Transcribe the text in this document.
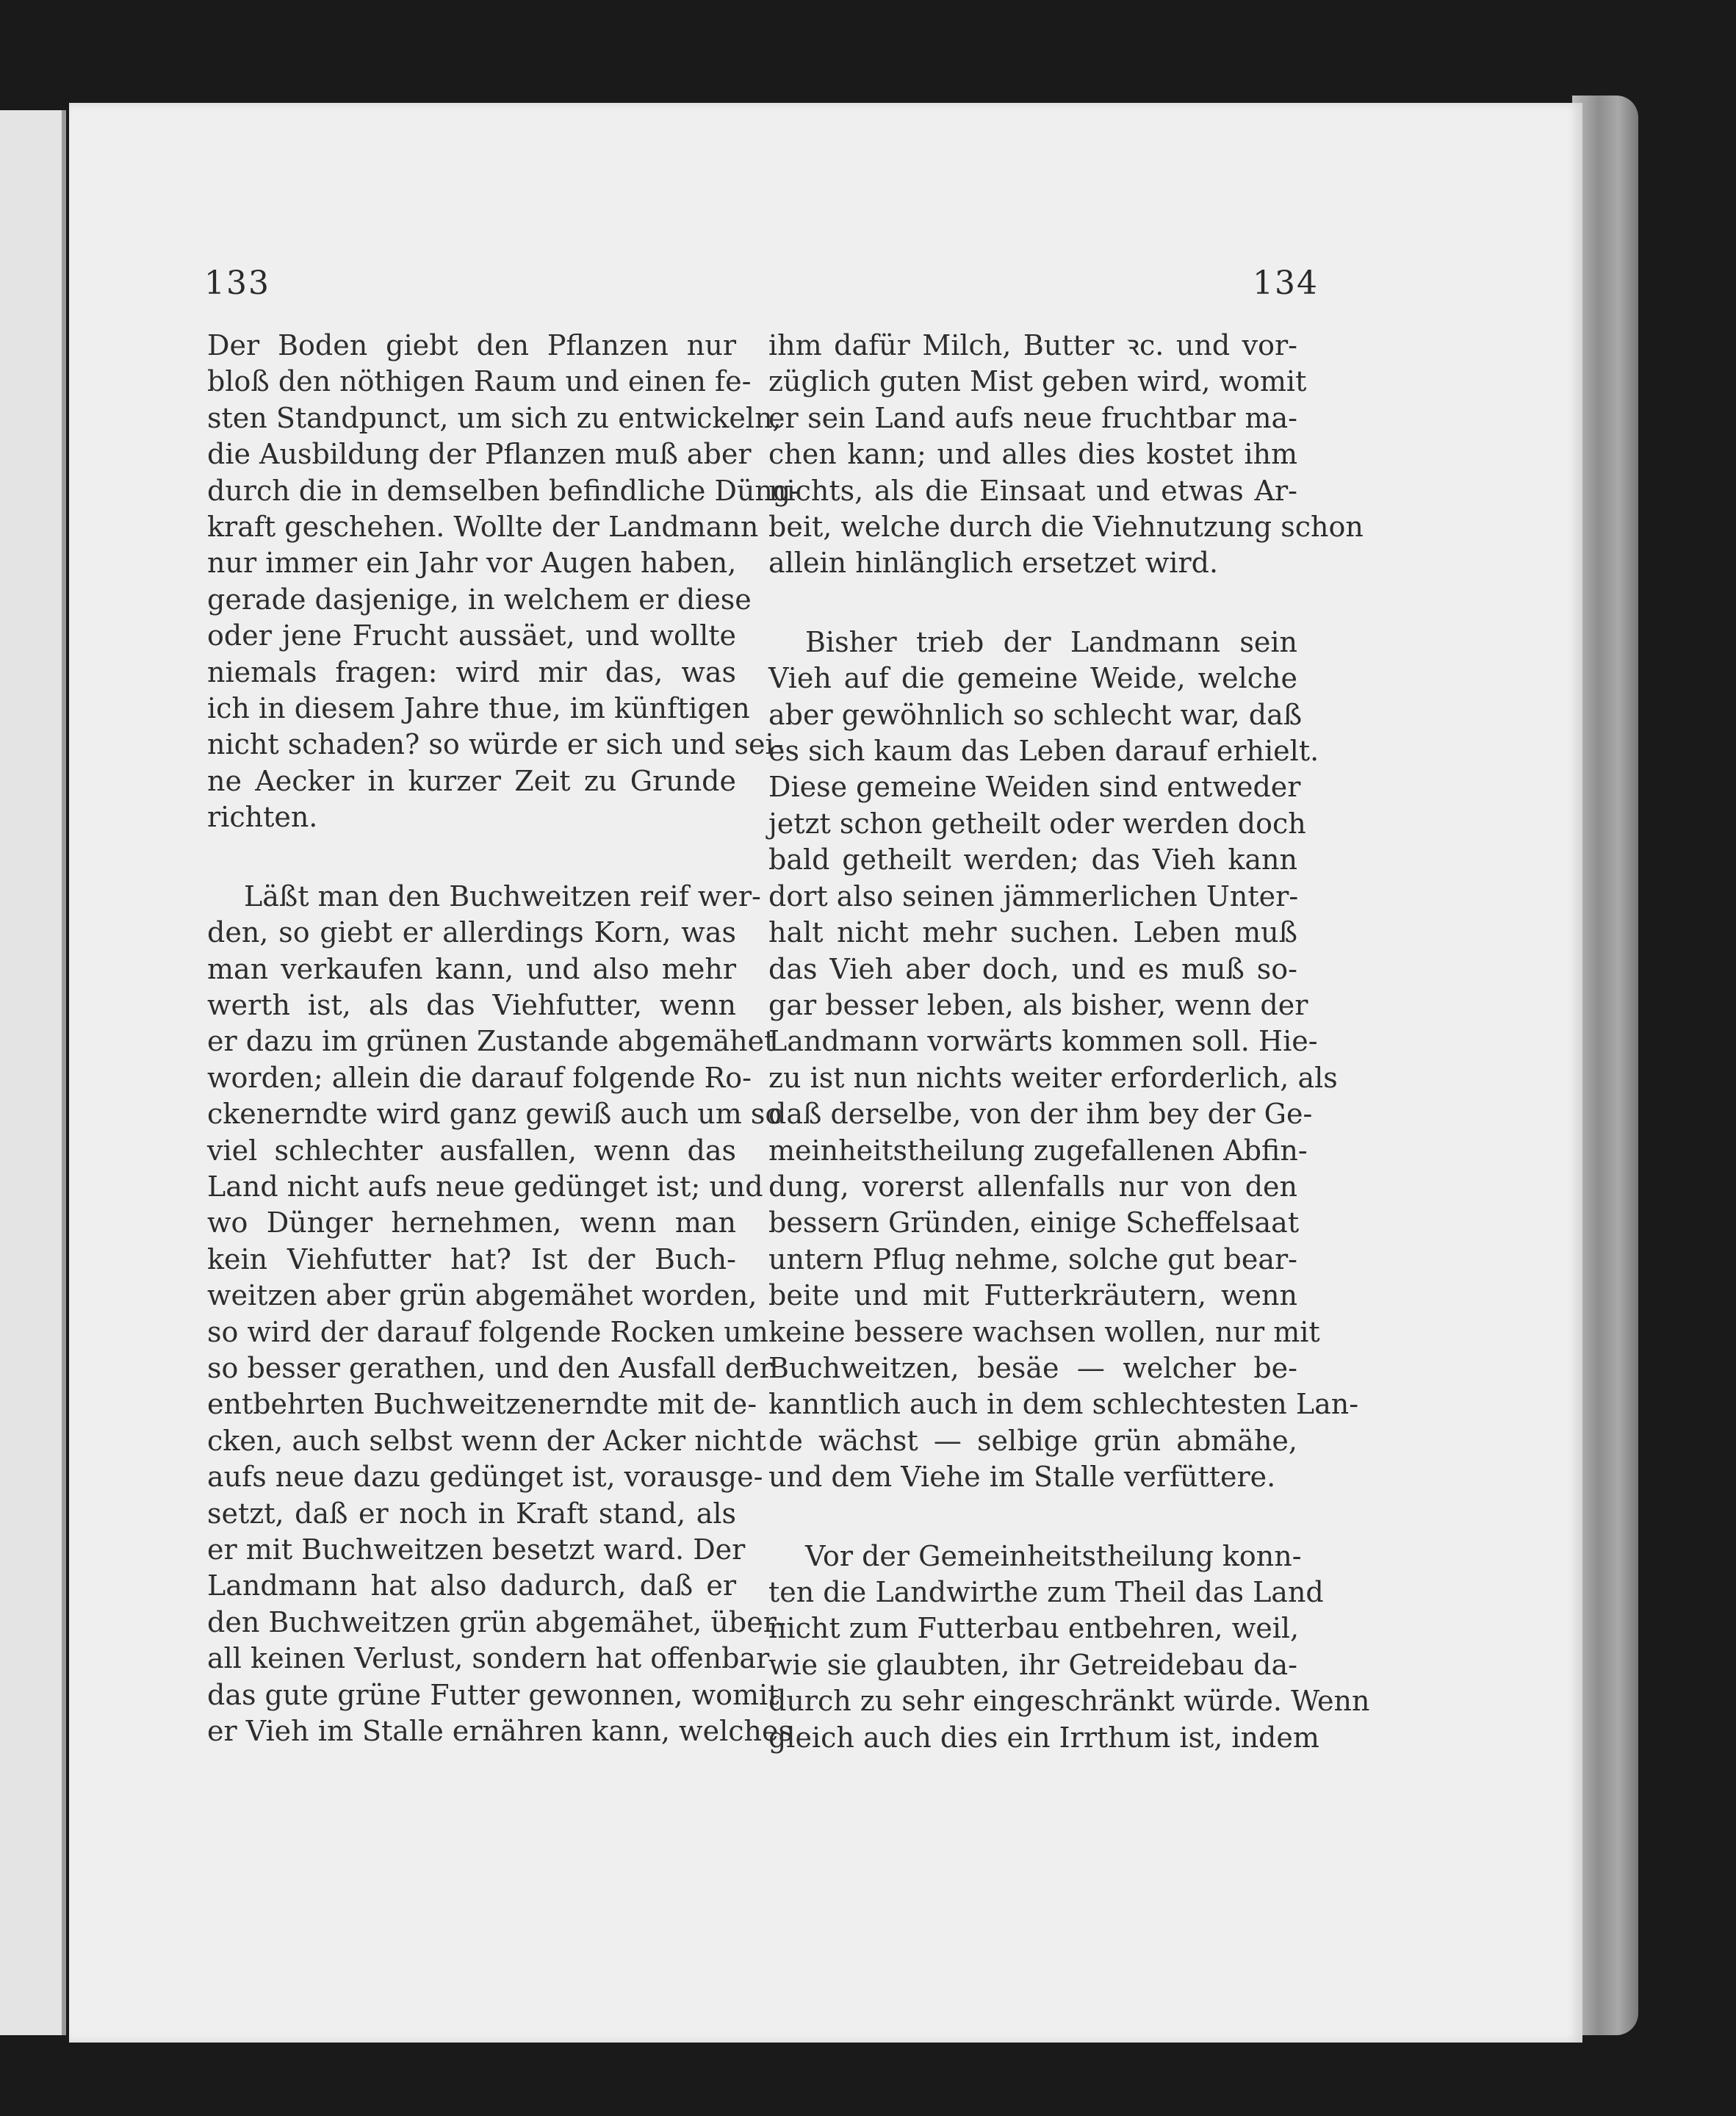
133	134
Der Boden giebt den Pflanzen nur
bloß den nöthigen Raum und einen fe-
sten Standpunct, um sich zu entwickeln,
die Ausbildung der Pflanzen muß aber
durch die in demselben befindliche Düng-
kraft geschehen. Wollte der Landmann
nur immer ein Jahr vor Augen haben,
gerade dasjenige, in welchem er diese
oder jene Frucht aussäet, und wollte
niemals fragen: wird mir das, was
ich in diesem Jahre thue, im künftigen
nicht schaden? so würde er sich und sei-
ne Aecker in kurzer Zeit zu Grunde
richten.
Läßt man den Buchweitzen reif wer-
den, so giebt er allerdings Korn, was
man verkaufen kann, und also mehr
werth ist, als das Viehfutter, wenn
er dazu im grünen Zustande abgemähet
worden; allein die darauf folgende Ro-
ckenerndte wird ganz gewiß auch um so
viel schlechter ausfallen, wenn das
Land nicht aufs neue gedünget ist; und
wo Dünger hernehmen, wenn man
kein Viehfutter hat? Ist der Buch-
weitzen aber grün abgemähet worden,
so wird der darauf folgende Rocken um
so besser gerathen, und den Ausfall der
entbehrten Buchweitzenerndte mit de-
cken, auch selbst wenn der Acker nicht
aufs neue dazu gedünget ist, vorausge-
setzt, daß er noch in Kraft stand, als
er mit Buchweitzen besetzt ward. Der
Landmann hat also dadurch, daß er
den Buchweitzen grün abgemähet, über-
all keinen Verlust, sondern hat offenbar
das gute grüne Futter gewonnen, womit
er Vieh im Stalle ernähren kann, welches
ihm dafür Milch, Butter ꝛc. und vor-
züglich guten Mist geben wird, womit
er sein Land aufs neue fruchtbar ma-
chen kann; und alles dies kostet ihm
nichts, als die Einsaat und etwas Ar-
beit, welche durch die Viehnutzung schon
allein hinlänglich ersetzet wird.
Bisher trieb der Landmann sein
Vieh auf die gemeine Weide, welche
aber gewöhnlich so schlecht war, daß
es sich kaum das Leben darauf erhielt.
Diese gemeine Weiden sind entweder
jetzt schon getheilt oder werden doch
bald getheilt werden; das Vieh kann
dort also seinen jämmerlichen Unter-
halt nicht mehr suchen. Leben muß
das Vieh aber doch, und es muß so-
gar besser leben, als bisher, wenn der
Landmann vorwärts kommen soll. Hie-
zu ist nun nichts weiter erforderlich, als
daß derselbe, von der ihm bey der Ge-
meinheitstheilung zugefallenen Abfin-
dung, vorerst allenfalls nur von den
bessern Gründen, einige Scheffelsaat
untern Pflug nehme, solche gut bear-
beite und mit Futterkräutern, wenn
keine bessere wachsen wollen, nur mit
Buchweitzen, besäe — welcher be-
kanntlich auch in dem schlechtesten Lan-
de wächst — selbige grün abmähe,
und dem Viehe im Stalle verfüttere.
Vor der Gemeinheitstheilung konn-
ten die Landwirthe zum Theil das Land
nicht zum Futterbau entbehren, weil,
wie sie glaubten, ihr Getreidebau da-
durch zu sehr eingeschränkt würde. Wenn
gleich auch dies ein Irrthum ist, indem
